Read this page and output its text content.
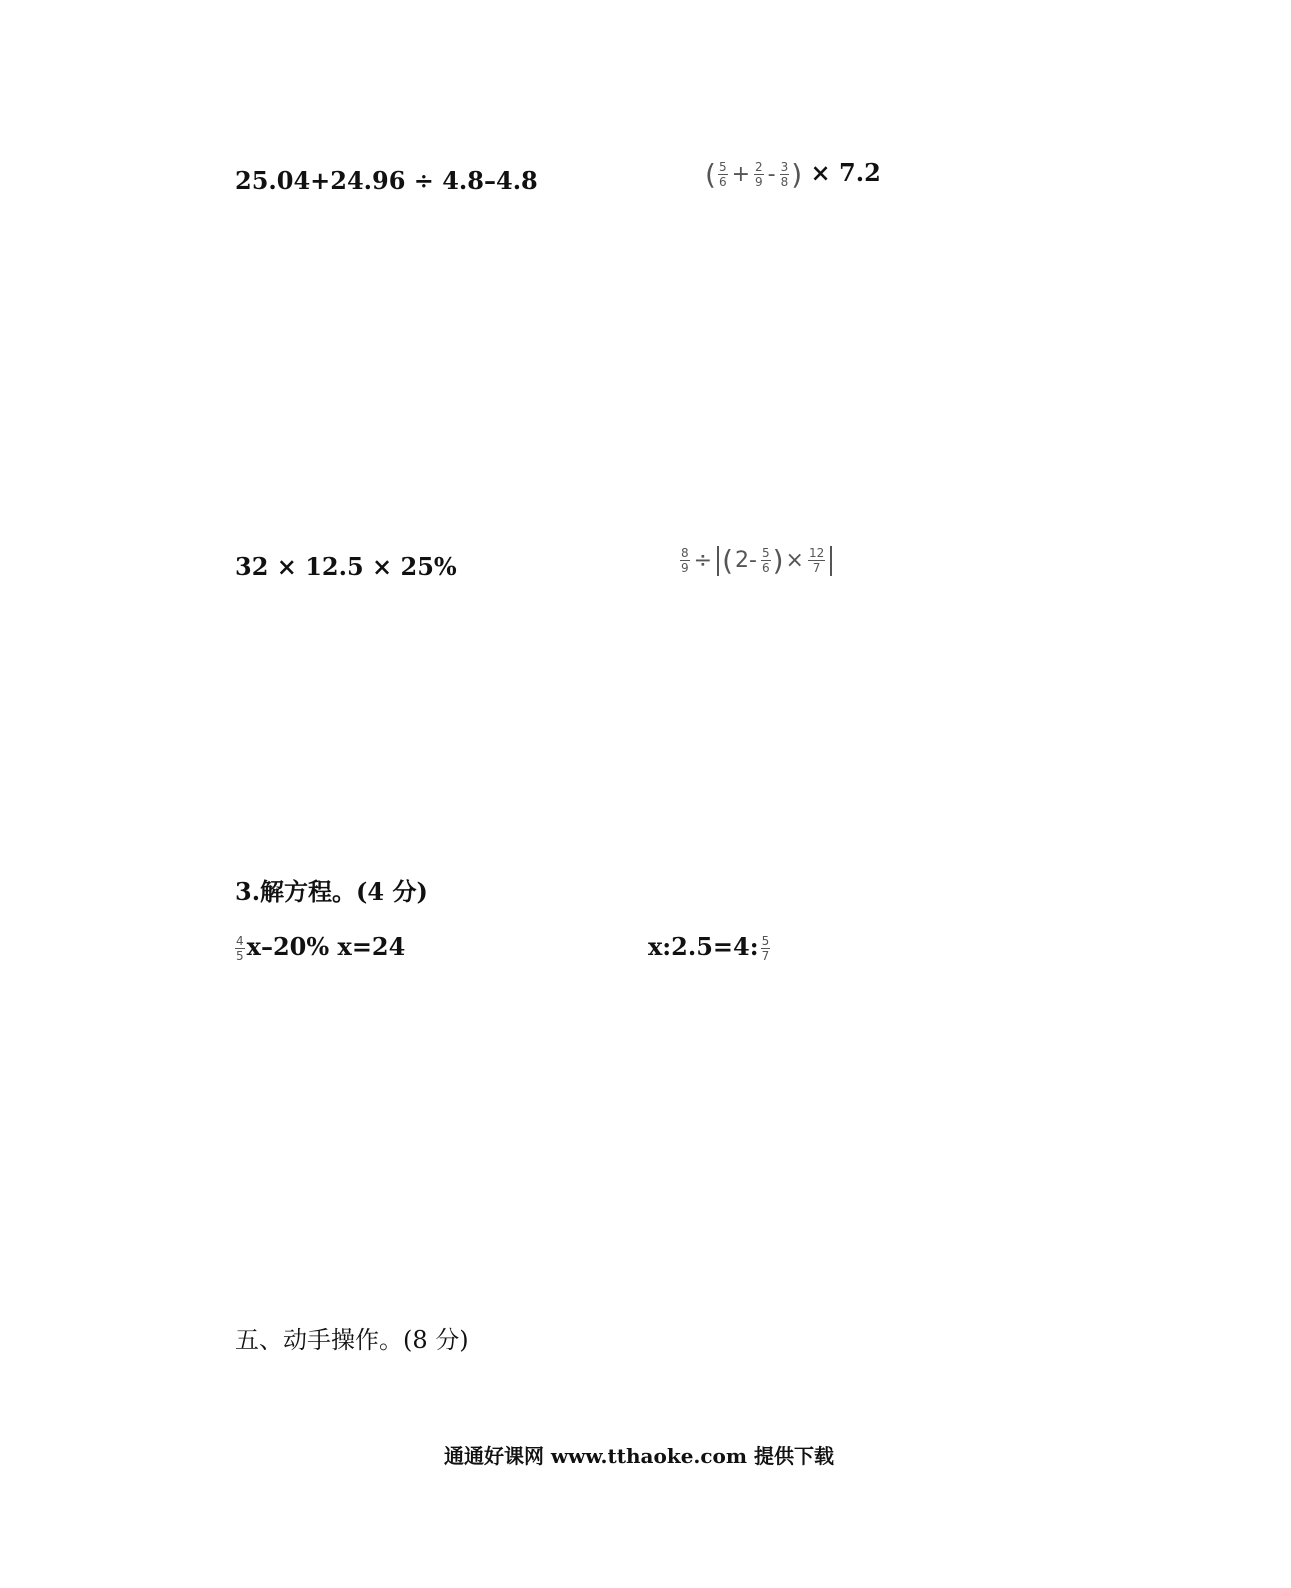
25.04+24.96 ÷ 4.8–4.8	( $\frac{5}{6} + \frac{2}{9} - \frac{3}{8}$ ) × 7.2
32 × 12.5 × 25%	$\frac{8}{9} \div (2- \frac{5}{6}$ )× $\frac{12}{7}$
3.解方程。(4 分)
$\frac{4}{5} x-20\%$ x=24	x:2.5=4: $\frac{5}{7}$
五、动手操作。(8 分)
通通好课网 www.tthaoke.com 提供下载
